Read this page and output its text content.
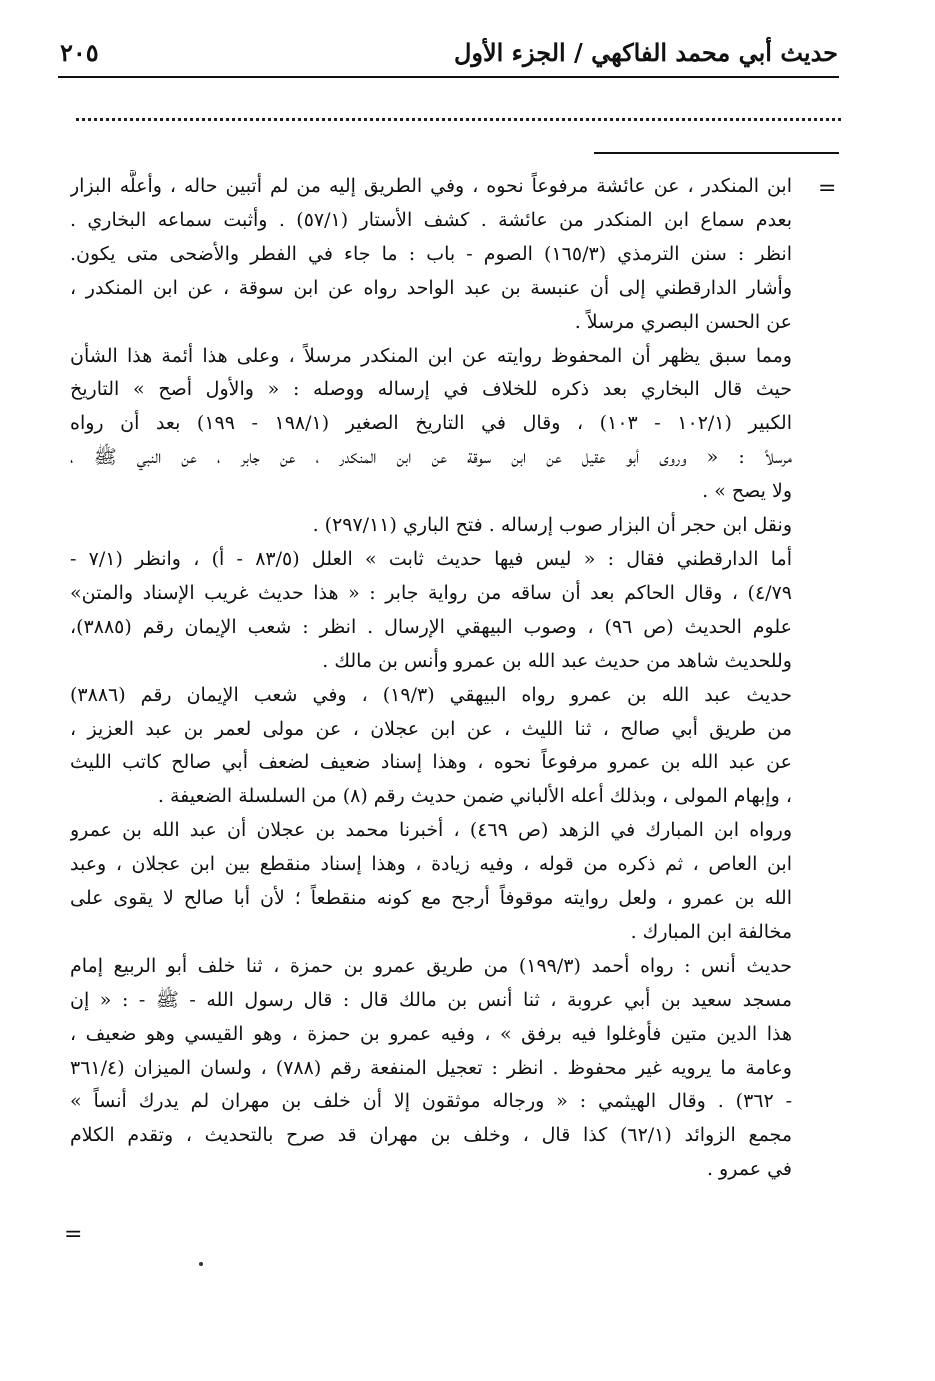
حديث أبي محمد الفاكهي / الجزء الأول
٢٠٥
=
ابن المنكدر ، عن عائشة مرفوعاً نحوه ، وفي الطريق إليه من لم أتبين حاله ، وأعلَّه البزار
بعدم سماع ابن المنكدر من عائشة . كشف الأستار (٥٧/١) . وأثبت سماعه البخاري .
انظر : سنن الترمذي (١٦٥/٣) الصوم - باب : ما جاء في الفطر والأضحى متى يكون.
وأشار الدارقطني إلى أن عنبسة بن عبد الواحد رواه عن ابن سوقة ، عن ابن المنكدر ،
عن الحسن البصري مرسلاً .
ومما سبق يظهر أن المحفوظ روايته عن ابن المنكدر مرسلاً ، وعلى هذا أئمة هذا الشأن
حيث قال البخاري بعد ذكره للخلاف في إرساله ووصله : « والأول أصح » التاريخ
الكبير (١٠٢/١ - ١٠٣) ، وقال في التاريخ الصغير (١٩٨/١ - ١٩٩) بعد أن رواه
مرسلاً : « وروى أبو عقيل عن ابن سوقة عن ابن المنكدر ، عن جابر ، عن النبي ﷺ ،
ولا يصح » .
ونقل ابن حجر أن البزار صوب إرساله . فتح الباري (٢٩٧/١١) .
أما الدارقطني فقال : « ليس فيها حديث ثابت » العلل (٨٣/٥ - أ) ، وانظر (٧/١ -
٤/٧٩) ، وقال الحاكم بعد أن ساقه من رواية جابر : « هذا حديث غريب الإسناد والمتن»
علوم الحديث (ص ٩٦) ، وصوب البيهقي الإرسال . انظر : شعب الإيمان رقم (٣٨٨٥)،
وللحديث شاهد من حديث عبد الله بن عمرو وأنس بن مالك .
حديث عبد الله بن عمرو رواه البيهقي (١٩/٣) ، وفي شعب الإيمان رقم (٣٨٨٦)
من طريق أبي صالح ، ثنا الليث ، عن ابن عجلان ، عن مولى لعمر بن عبد العزيز ،
عن عبد الله بن عمرو مرفوعاً نحوه ، وهذا إسناد ضعيف لضعف أبي صالح كاتب الليث
، وإبهام المولى ، وبذلك أعله الألباني ضمن حديث رقم (٨) من السلسلة الضعيفة .
ورواه ابن المبارك في الزهد (ص ٤٦٩) ، أخبرنا محمد بن عجلان أن عبد الله بن عمرو
ابن العاص ، ثم ذكره من قوله ، وفيه زيادة ، وهذا إسناد منقطع بين ابن عجلان ، وعبد
الله بن عمرو ، ولعل روايته موقوفاً أرجح مع كونه منقطعاً ؛ لأن أبا صالح لا يقوى على
مخالفة ابن المبارك .
حديث أنس : رواه أحمد (١٩٩/٣) من طريق عمرو بن حمزة ، ثنا خلف أبو الربيع إمام
مسجد سعيد بن أبي عروبة ، ثنا أنس بن مالك قال : قال رسول الله - ﷺ - : « إن
هذا الدين متين فأوغلوا فيه برفق » ، وفيه عمرو بن حمزة ، وهو القيسي وهو ضعيف ،
وعامة ما يرويه غير محفوظ . انظر : تعجيل المنفعة رقم (٧٨٨) ، ولسان الميزان (٣٦١/٤
- ٣٦٢) . وقال الهيثمي : « ورجاله موثقون إلا أن خلف بن مهران لم يدرك أنساً »
مجمع الزوائد (٦٢/١) كذا قال ، وخلف بن مهران قد صرح بالتحديث ، وتقدم الكلام
في عمرو .
=
